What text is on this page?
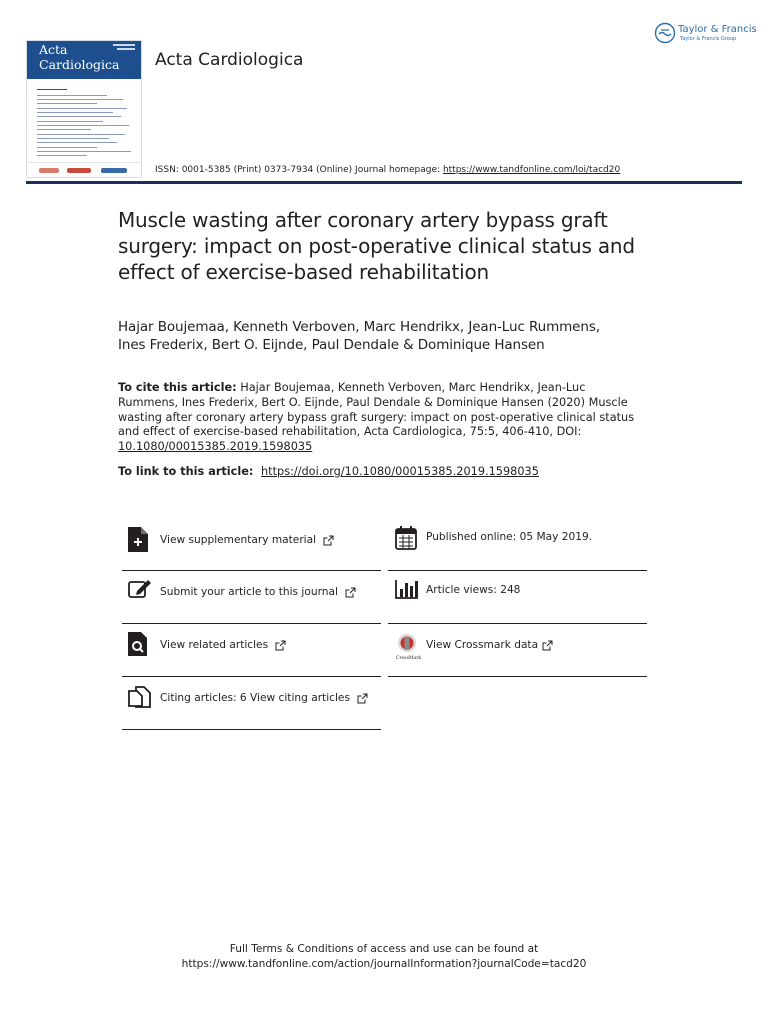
Acta
Cardiologica Acta Cardiologica
Taylor & Francis
Taylor & Francis Group
ISSN: 0001-5385 (Print) 0373-7934 (Online) Journal homepage: https://www.tandfonline.com/loi/tacd20
Muscle wasting after coronary artery bypass graft surgery: impact on post-operative clinical status and effect of exercise-based rehabilitation
Hajar Boujemaa, Kenneth Verboven, Marc Hendrikx, Jean-Luc Rummens,
Ines Frederix, Bert O. Eijnde, Paul Dendale & Dominique Hansen
To cite this article: Hajar Boujemaa, Kenneth Verboven, Marc Hendrikx, Jean-Luc Rummens, Ines Frederix, Bert O. Eijnde, Paul Dendale & Dominique Hansen (2020) Muscle wasting after coronary artery bypass graft surgery: impact on post-operative clinical status and effect of exercise-based rehabilitation, Acta Cardiologica, 75:5, 406-410, DOI: 10.1080/00015385.2019.1598035
To link to this article: https://doi.org/10.1080/00015385.2019.1598035
View supplementary material
Submit your article to this journal
View related articles
Citing articles: 6 View citing articles
Published online: 05 May 2019.
Article views: 248
CrossMark
View Crossmark data
Full Terms & Conditions of access and use can be found at
https://www.tandfonline.com/action/journalInformation?journalCode=tacd20
